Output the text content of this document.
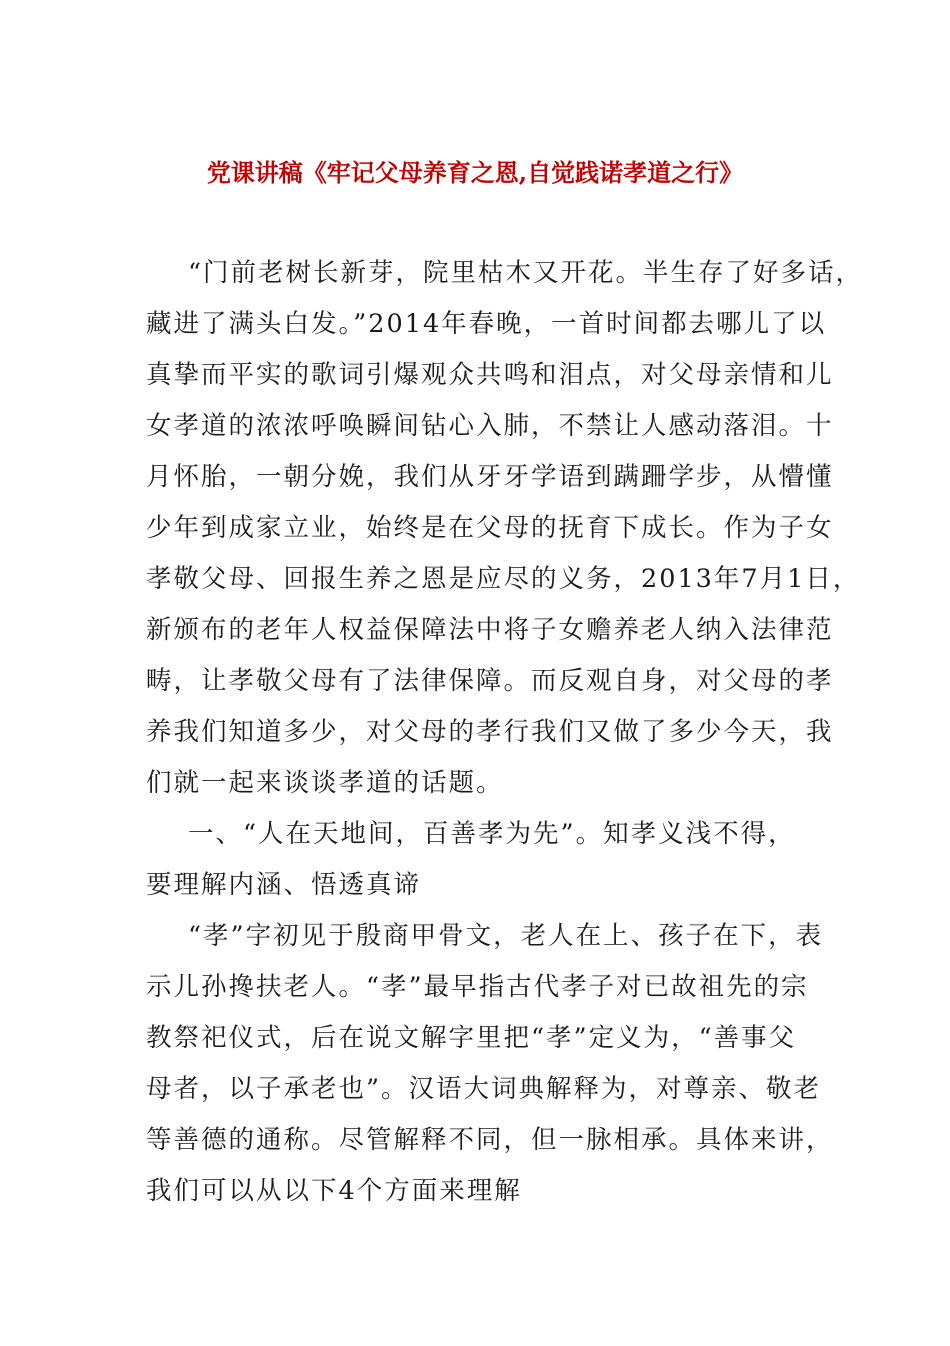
党课讲稿《牢记父母养育之恩,自觉践诺孝道之行》
“门前老树长新芽，院里枯木又开花。半生存了好多话，
藏进了满头白发。”2014年春晚，一首时间都去哪儿了以
真挚而平实的歌词引爆观众共鸣和泪点，对父母亲情和儿
女孝道的浓浓呼唤瞬间钻心入肺，不禁让人感动落泪。十
月怀胎，一朝分娩，我们从牙牙学语到蹒跚学步，从懵懂
少年到成家立业，始终是在父母的抚育下成长。作为子女
孝敬父母、回报生养之恩是应尽的义务，2013年7月1日，
新颁布的老年人权益保障法中将子女赡养老人纳入法律范
畴，让孝敬父母有了法律保障。而反观自身，对父母的孝
养我们知道多少，对父母的孝行我们又做了多少今天，我
们就一起来谈谈孝道的话题。
一、“人在天地间，百善孝为先”。知孝义浅不得，
要理解内涵、悟透真谛
“孝”字初见于殷商甲骨文，老人在上、孩子在下，表
示儿孙搀扶老人。“孝”最早指古代孝子对已故祖先的宗
教祭祀仪式，后在说文解字里把“孝”定义为，“善事父
母者，以子承老也”。汉语大词典解释为，对尊亲、敬老
等善德的通称。尽管解释不同，但一脉相承。具体来讲，
我们可以从以下4个方面来理解
